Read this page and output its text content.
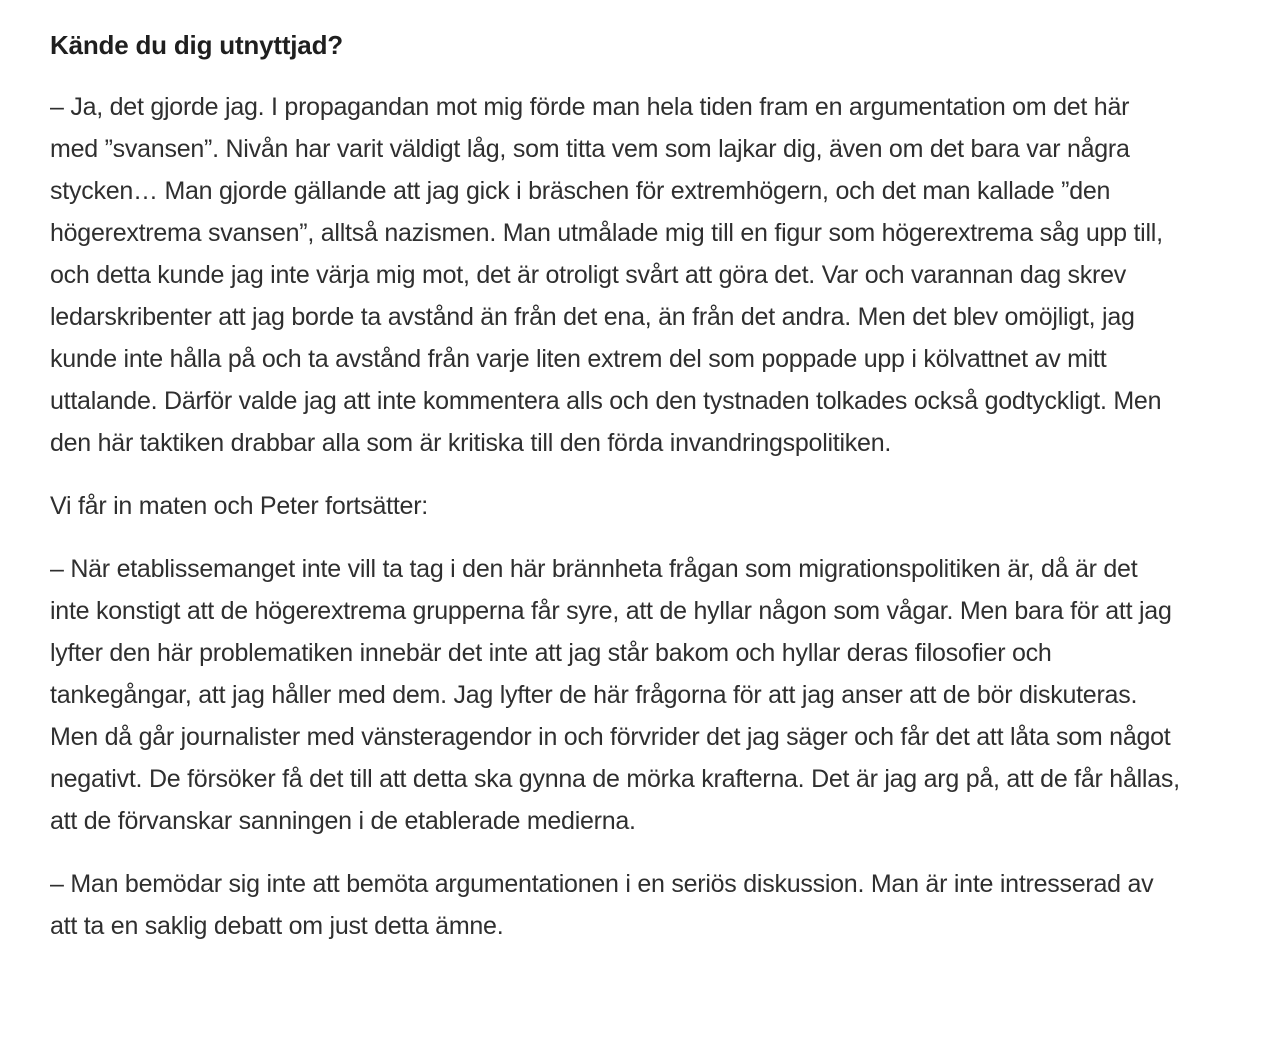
Kände du dig utnyttjad?

– Ja, det gjorde jag. I propagandan mot mig förde man hela tiden fram en argumentation om det här med ”svansen”. Nivån har varit väldigt låg, som titta vem som lajkar dig, även om det bara var några stycken… Man gjorde gällande att jag gick i bräschen för extremhögern, och det man kallade ”den högerextrema svansen”, alltså nazismen. Man utmålade mig till en figur som högerextrema såg upp till, och detta kunde jag inte värja mig mot, det är otroligt svårt att göra det. Var och varannan dag skrev ledarskribenter att jag borde ta avstånd än från det ena, än från det andra. Men det blev omöjligt, jag kunde inte hålla på och ta avstånd från varje liten extrem del som poppade upp i kölvattnet av mitt uttalande. Därför valde jag att inte kommentera alls och den tystnaden tolkades också godtyckligt. Men den här taktiken drabbar alla som är kritiska till den förda invandringspolitiken.

Vi får in maten och Peter fortsätter:

– När etablissemanget inte vill ta tag i den här brännheta frågan som migrationspolitiken är, då är det inte konstigt att de högerextrema grupperna får syre, att de hyllar någon som vågar. Men bara för att jag lyfter den här problematiken innebär det inte att jag står bakom och hyllar deras filosofier och tankegångar, att jag håller med dem. Jag lyfter de här frågorna för att jag anser att de bör diskuteras. Men då går journalister med vänsteragendor in och förvrider det jag säger och får det att låta som något negativt. De försöker få det till att detta ska gynna de mörka krafterna. Det är jag arg på, att de får hållas, att de förvanskar sanningen i de etablerade medierna.

– Man bemödar sig inte att bemöta argumentationen i en seriös diskussion. Man är inte intresserad av att ta en saklig debatt om just detta ämne.
